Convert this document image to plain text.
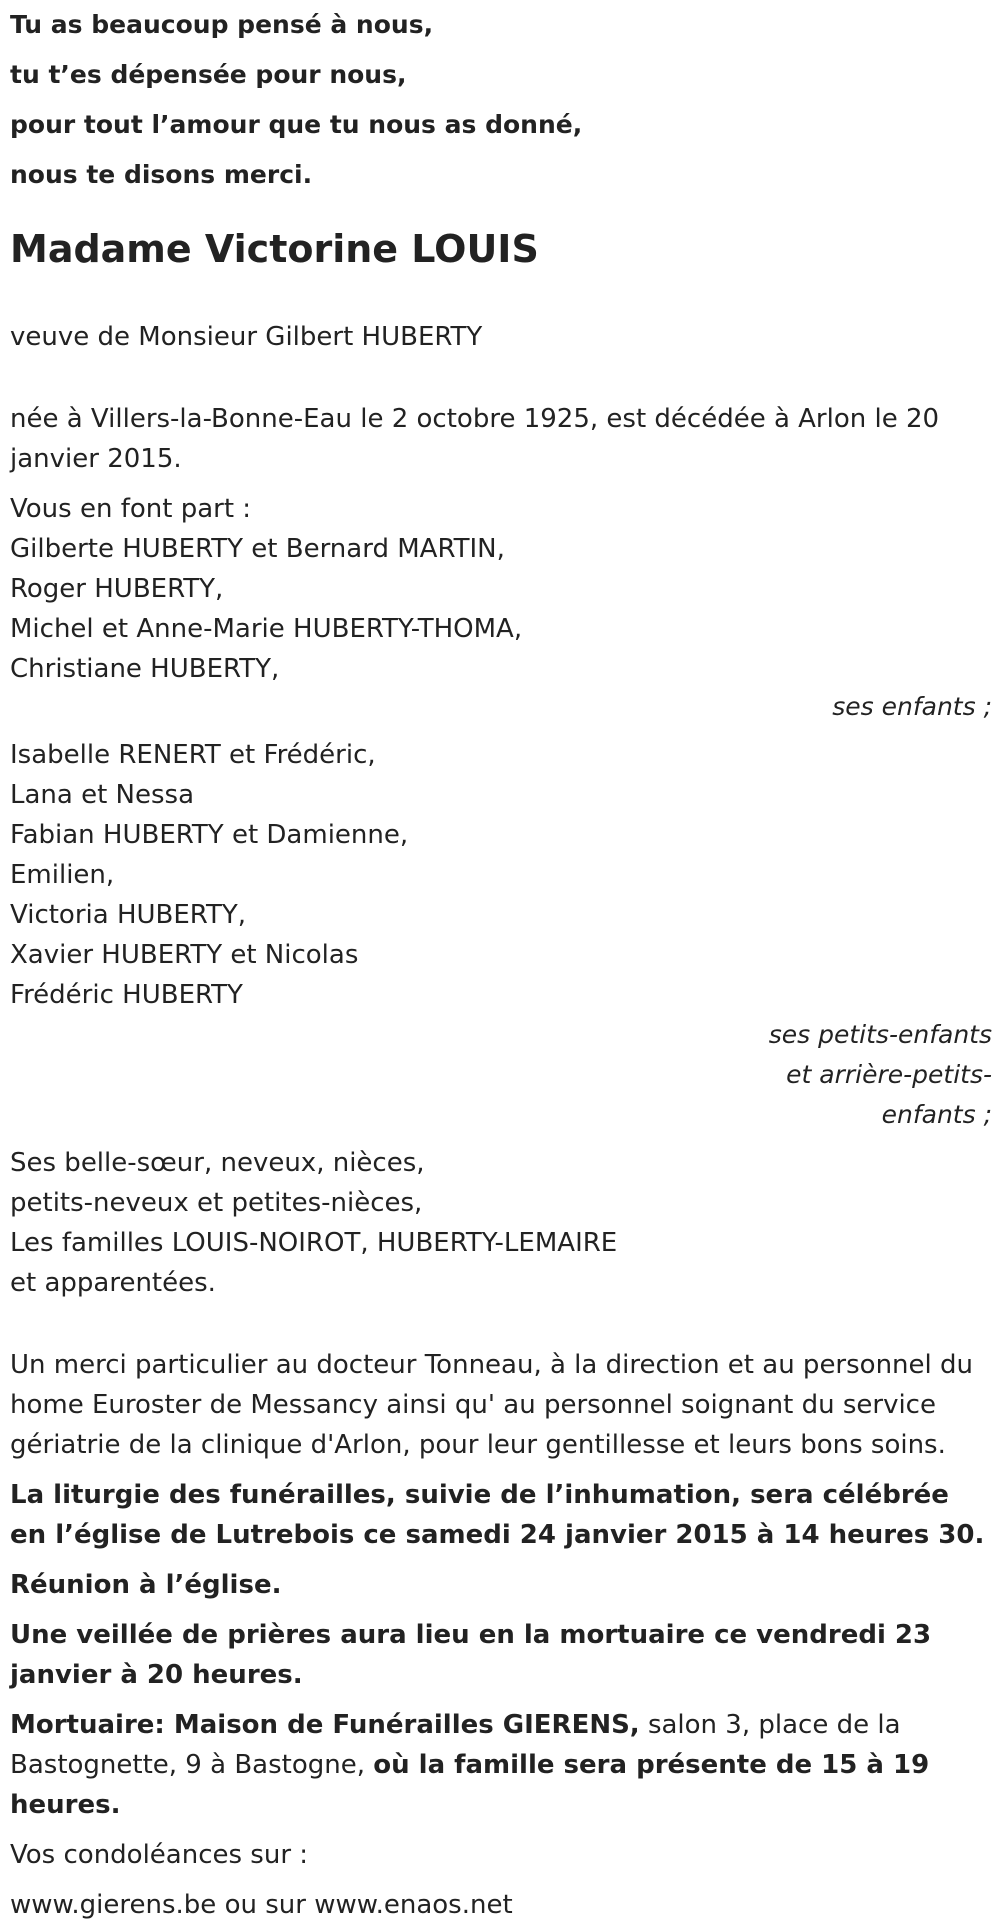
Tu as beaucoup pensé à nous,
tu t’es dépensée pour nous,
pour tout l’amour que tu nous as donné,
nous te disons merci.
Madame Victorine LOUIS
veuve de Monsieur Gilbert HUBERTY
née à Villers-la-Bonne-Eau le 2 octobre 1925, est décédée à Arlon le 20 janvier 2015.
Vous en font part :
Gilberte HUBERTY et Bernard MARTIN,
Roger HUBERTY,
Michel et Anne-Marie HUBERTY-THOMA,
Christiane HUBERTY,
ses enfants ;
Isabelle RENERT et Frédéric,
Lana et Nessa
Fabian HUBERTY et Damienne,
Emilien,
Victoria HUBERTY,
Xavier HUBERTY et Nicolas
Frédéric HUBERTY
ses petits-enfants
et arrière-petits-
enfants ;
Ses belle-sœur, neveux, nièces,
petits-neveux et petites-nièces,
Les familles LOUIS-NOIROT, HUBERTY-LEMAIRE
et apparentées.
Un merci particulier au docteur Tonneau, à la direction et au personnel du home Euroster de Messancy ainsi qu' au personnel soignant du service gériatrie de la clinique d'Arlon, pour leur gentillesse et leurs bons soins.
La liturgie des funérailles, suivie de l’inhumation, sera célébrée en l’église de Lutrebois ce samedi 24 janvier 2015 à 14 heures 30.
Réunion à l’église.
Une veillée de prières aura lieu en la mortuaire ce vendredi 23 janvier à 20 heures.
Mortuaire: Maison de Funérailles GIERENS, salon 3, place de la Bastognette, 9 à Bastogne, où la famille sera présente de 15 à 19 heures.
Vos condoléances sur :
www.gierens.be ou sur www.enaos.net
